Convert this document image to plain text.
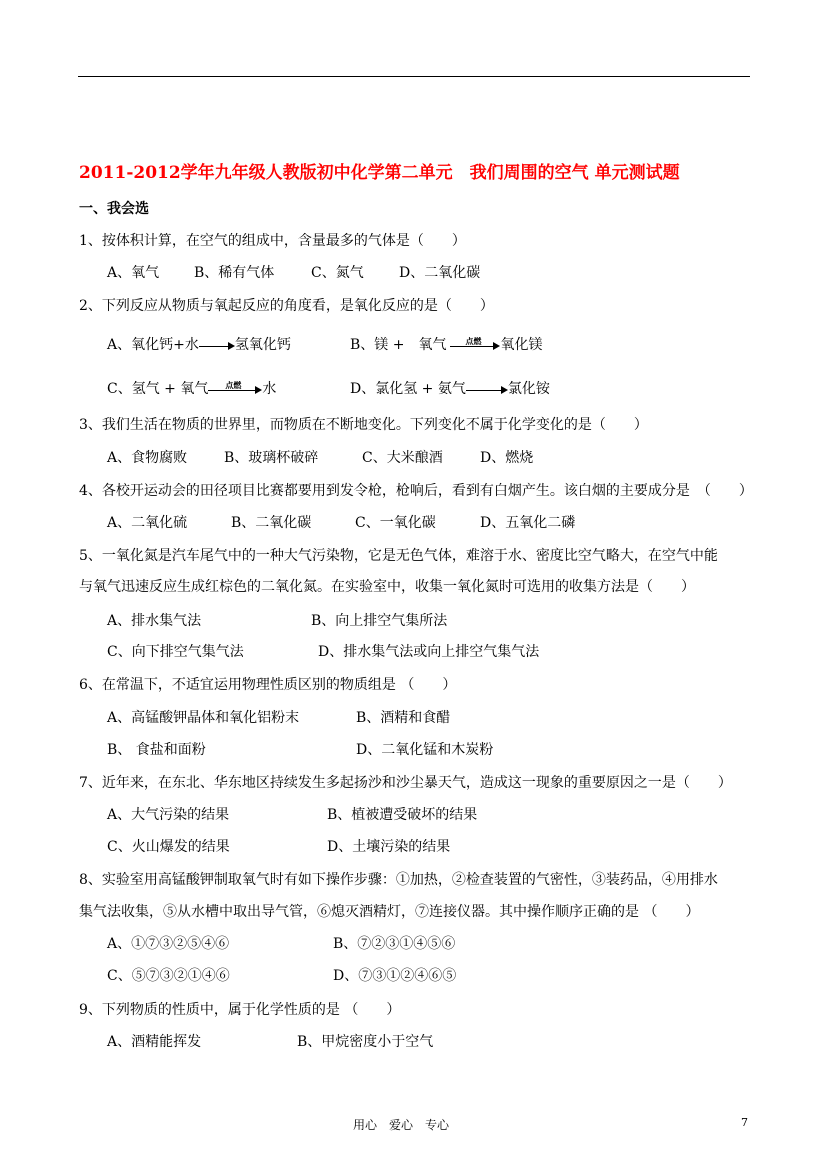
2011-2012学年九年级人教版初中化学第二单元　我们周围的空气 单元测试题
一、我会选
1、按体积计算，在空气的组成中，含量最多的气体是（　　）
A、氧气 B、稀有气体	C、氮气	D、二氧化碳
2、下列反应从物质与氧起反应的角度看，是氧化反应的是（　　）
A、氧化钙+水	氢氧化钙	B、镁 +　氧气	点燃	氧化镁
C、氢气 + 氧气	点燃	水	D、氯化氢 + 氨气	氯化铵
3、我们生活在物质的世界里，而物质在不断地变化。下列变化不属于化学变化的是（　　）
A、食物腐败	B、玻璃杯破碎	C、大米酿酒	D、燃烧
4、各校开运动会的田径项目比赛都要用到发令枪，枪响后，看到有白烟产生。该白烟的主要成分是　（　　）
A、二氧化硫	B、二氧化碳	C、一氧化碳	D、五氧化二磷
5、一氧化氮是汽车尾气中的一种大气污染物，它是无色气体，难溶于水、密度比空气略大，在空气中能
与氧气迅速反应生成红棕色的二氧化氮。在实验室中，收集一氧化氮时可选用的收集方法是（　　）
A、排水集气法	B、向上排空气集所法
C、向下排空气集气法	D、排水集气法或向上排空气集气法
6、在常温下，不适宜运用物理性质区别的物质组是 （　　）
A、高锰酸钾晶体和氧化铝粉末	B、酒精和食醋
B、 食盐和面粉	D、二氧化锰和木炭粉
7、近年来，在东北、华东地区持续发生多起扬沙和沙尘暴天气，造成这一现象的重要原因之一是（　　）
A、大气污染的结果	B、植被遭受破坏的结果
C、火山爆发的结果	D、土壤污染的结果
8、实验室用高锰酸钾制取氧气时有如下操作步骤：①加热，②检查装置的气密性，③装药品，④用排水
集气法收集，⑤从水槽中取出导气管，⑥熄灭酒精灯，⑦连接仪器。其中操作顺序正确的是 （　　）
A、①⑦③②⑤④⑥	B、⑦②③①④⑤⑥
C、⑤⑦③②①④⑥	D、⑦③①②④⑥⑤
9、下列物质的性质中，属于化学性质的是 （　　）
A、酒精能挥发	B、甲烷密度小于空气
用心　爱心　专心	7
